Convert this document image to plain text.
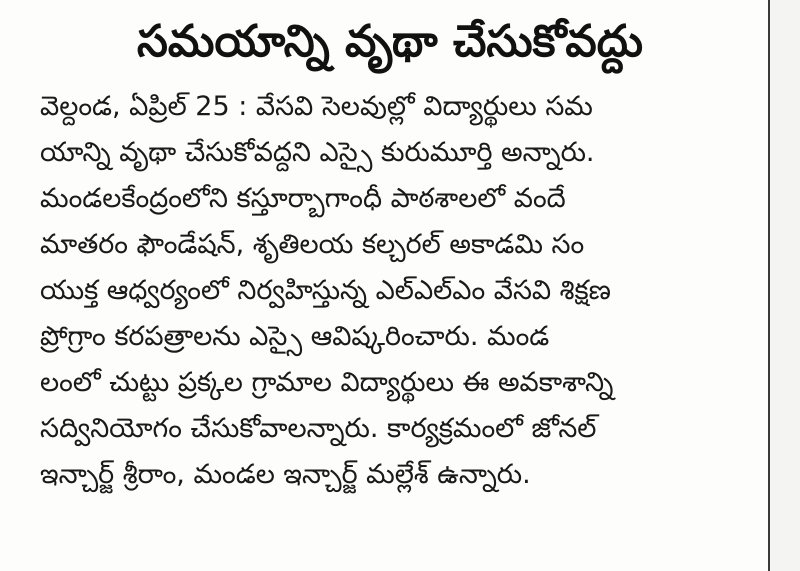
సమయాన్ని వృథా చేసుకోవద్దు
వెల్దండ, ఏప్రిల్ 25 : వేసవి సెలవుల్లో విద్యార్థులు సమ
యాన్ని వృథా చేసుకోవద్దని ఎస్సై కురుమూర్తి అన్నారు.
మండలకేంద్రంలోని కస్తూర్బాగాంధీ పాఠశాలలో వందే
మాతరం ఫౌండేషన్, శృతిలయ కల్చరల్ అకాడమి సం
యుక్త ఆధ్వర్యంలో నిర్వహిస్తున్న ఎల్ఎల్ఎం వేసవి శిక్షణ
ప్రోగ్రాం కరపత్రాలను ఎస్సై ఆవిష్కరించారు. మండ
లంలో చుట్టు ప్రక్కల గ్రామాల విద్యార్థులు ఈ అవకాశాన్ని
సద్వినియోగం చేసుకోవాలన్నారు. కార్యక్రమంలో జోనల్
ఇన్చార్జ్ శ్రీరాం, మండల ఇన్చార్జ్ మల్లేశ్ ఉన్నారు.
